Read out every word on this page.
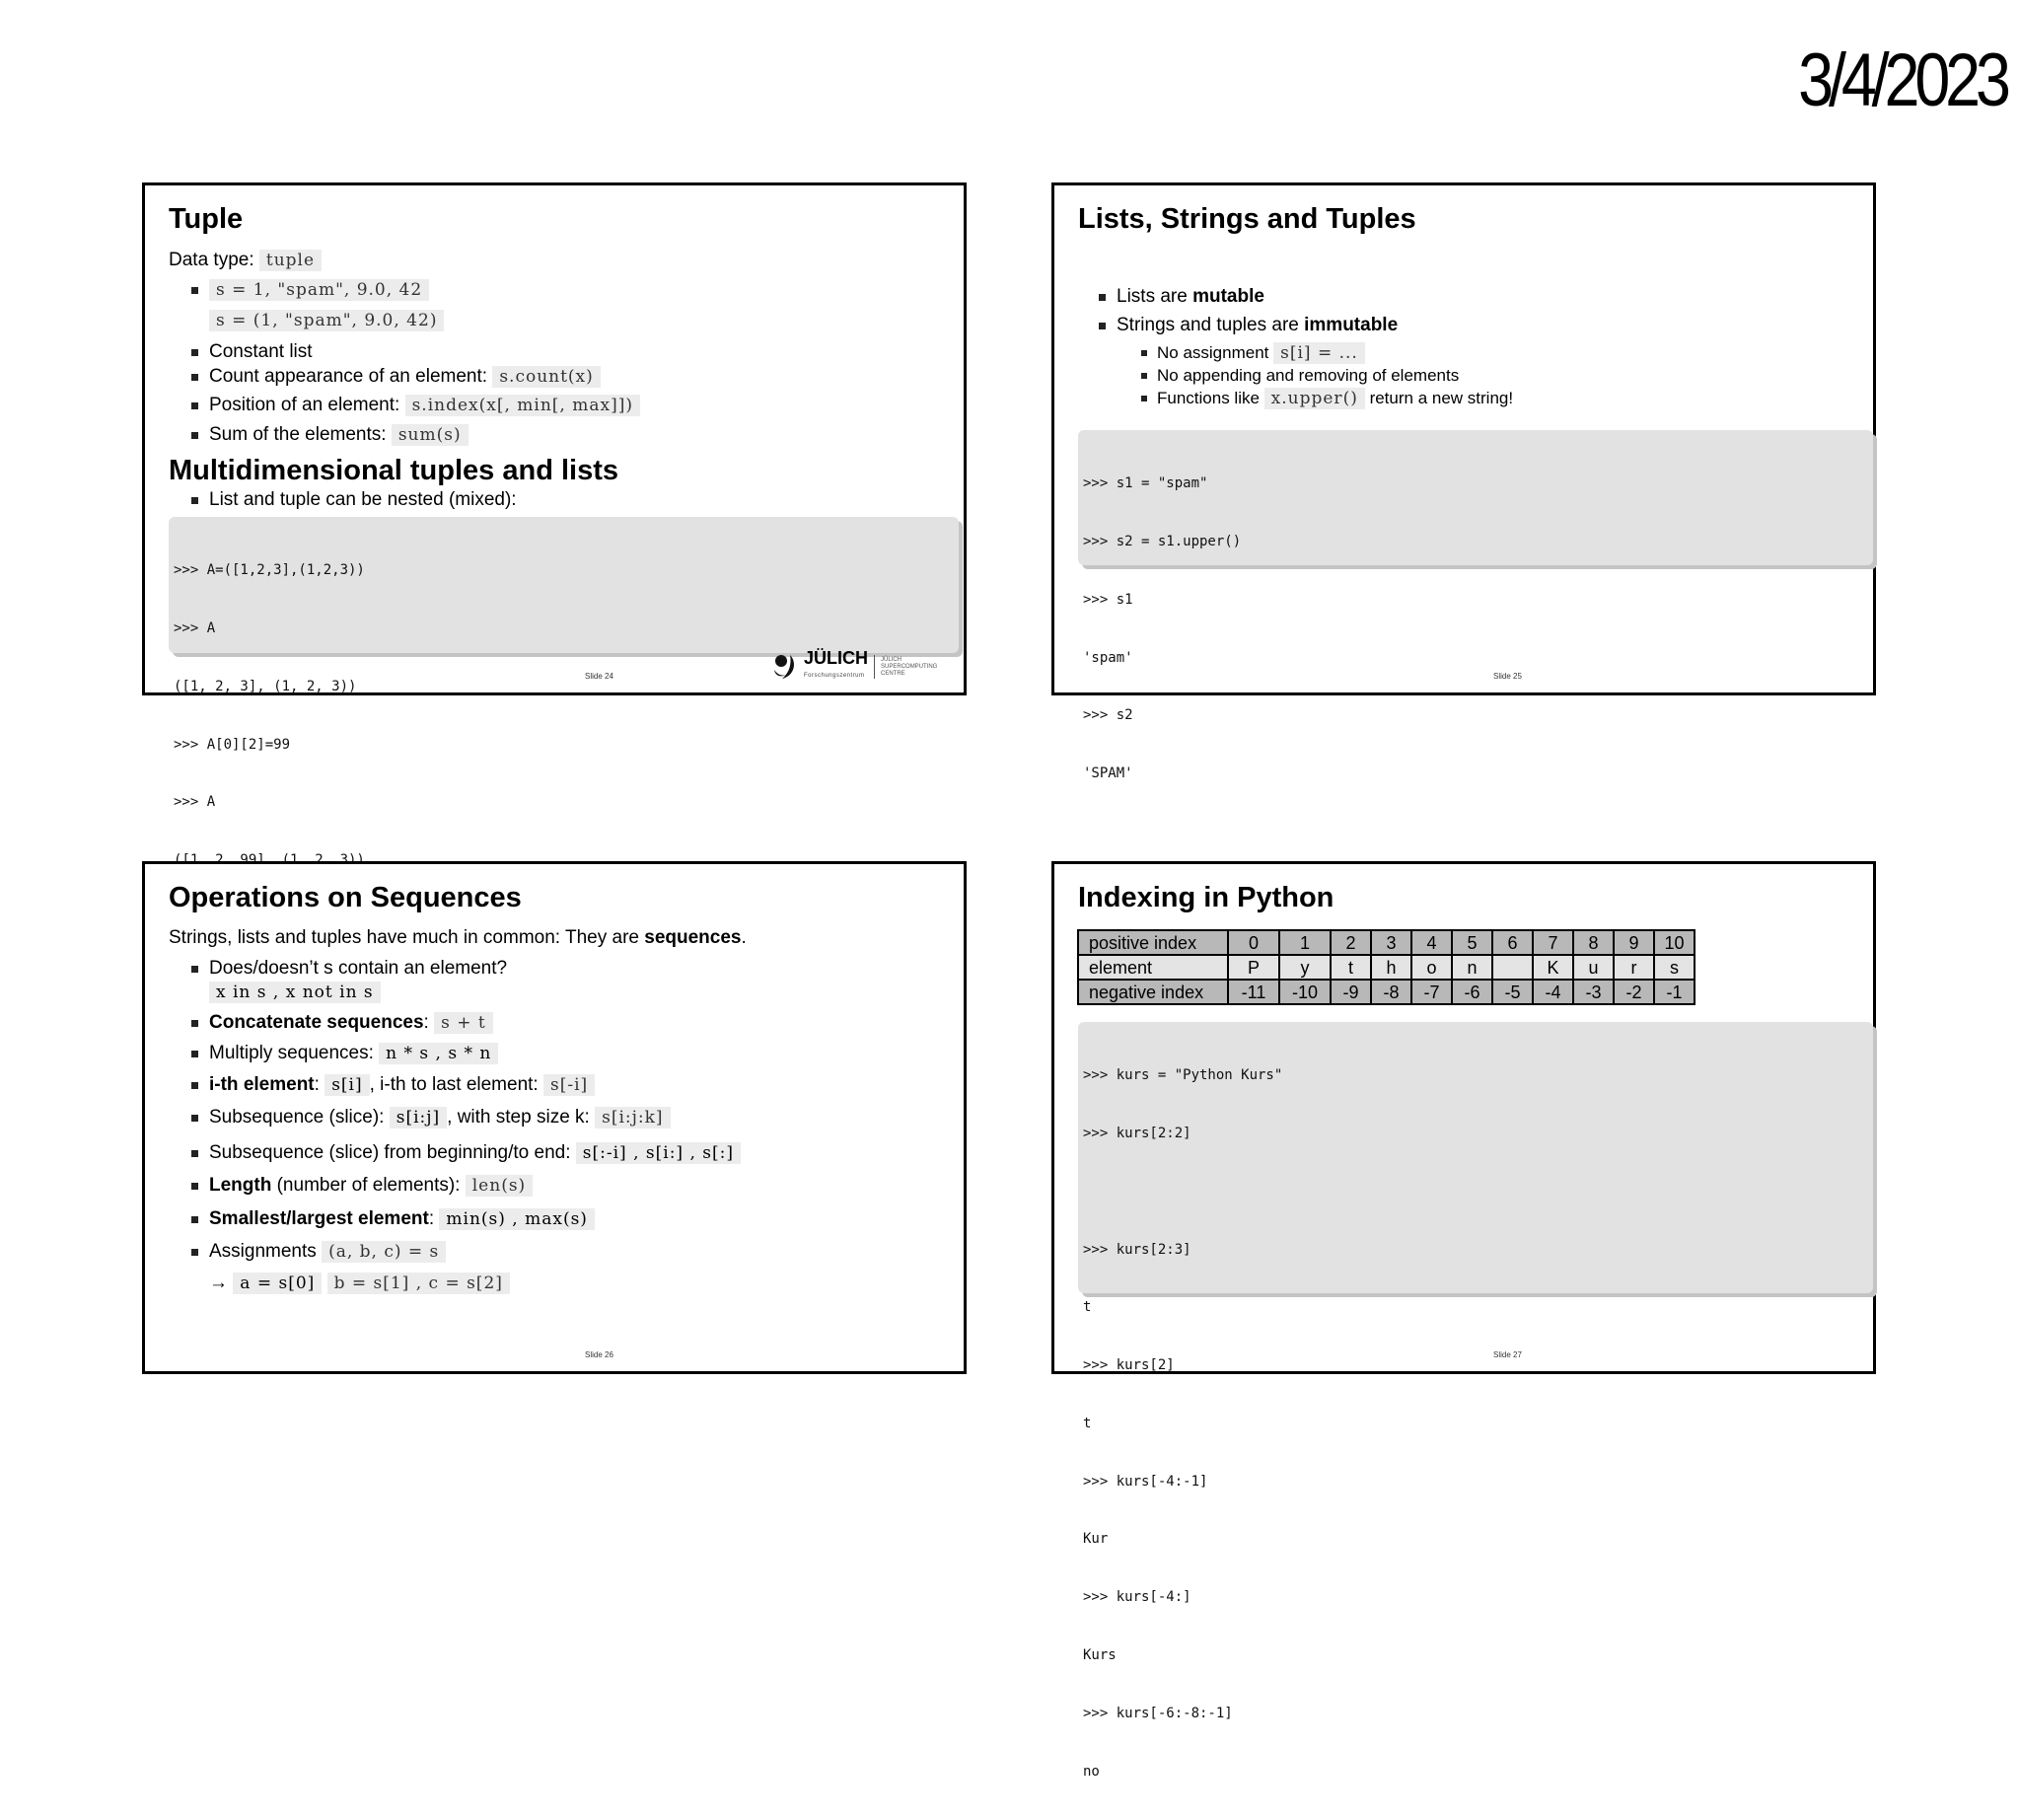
3/4/2023
Tuple
Data type: tuple
s = 1, "spam", 9.0, 42
s = (1, "spam", 9.0, 42)
Constant list
Count appearance of an element: s.count(x)
Position of an element: s.index(x[, min[, max]])
Sum of the elements: sum(s)
Multidimensional tuples and lists
List and tuple can be nested (mixed):

>>> A=([1,2,3],(1,2,3))

>>> A

([1, 2, 3], (1, 2, 3))

>>> A[0][2]=99

>>> A

JÜLICH
Forschungszentrum
JÜLICH SUPERCOMPUTING CENTRE
Slide 24
Lists, Strings and Tuples
Lists are mutable
Strings and tuples are immutable
No assignment s[i] = ...
No appending and removing of elements
Functions like x.upper() return a new string!

>>> s1 = "spam"

>>> s2 = s1.upper()

>>> s1

'spam'

>>> s2

'SPAM'

Slide 25
Operations on Sequences
Strings, lists and tuples have much in common: They are sequences.
Does/doesn’t s contain an element?
x in s , x not in s
Concatenate sequences: s + t
Multiply sequences: n * s , s * n
i-th element: s[i] , i-th to last element: s[-i]
Subsequence (slice): s[i:j] , with step size k: s[i:j:k]
Subsequence (slice) from beginning/to end: s[:-i] , s[i:] , s[:]
Length (number of elements): len(s)
Smallest/largest element: min(s) , max(s)
Assignments (a, b, c) = s
→ a = s[0] b = s[1] , c = s[2]
Slide 26
Indexing in Python
positive index	0	1	2	3	4	5	6	7	8	9	10
element	P	y	t	h	o	n		K	u	r	s
negative index	-11	-10	-9	-8	-7	-6	-5	-4	-3	-2	-1

>>> kurs = "Python Kurs"

>>> kurs[2:2]

>>> kurs[2:3]

t

>>> kurs[2]

t

>>> kurs[-4:-1]

Kur

>>> kurs[-4:]

Kurs

>>> kurs[-6:-8:-1]

no

Slide 27
